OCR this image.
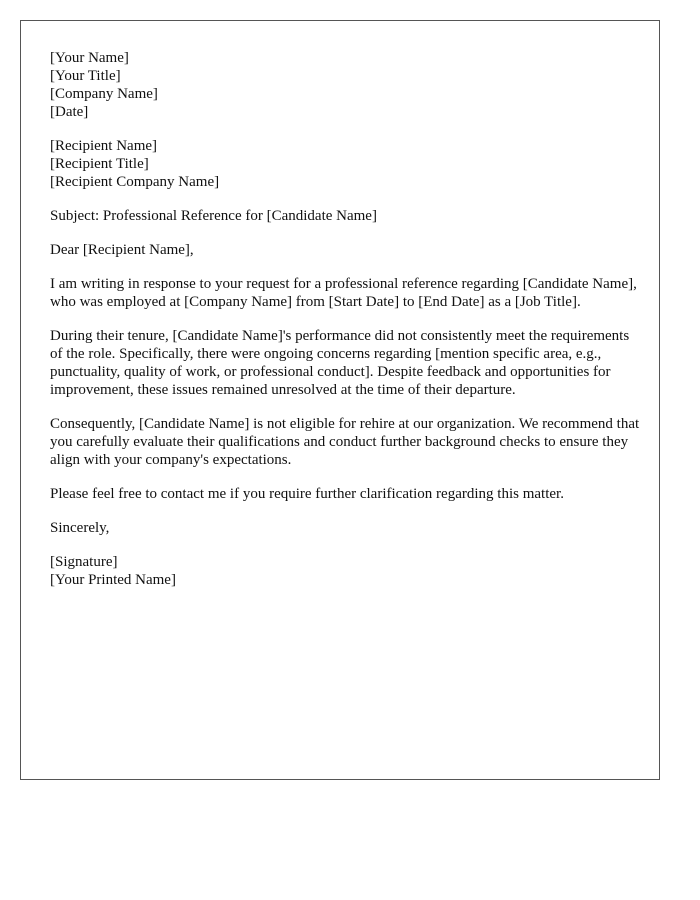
[Your Name]
[Your Title]
[Company Name]
[Date]
[Recipient Name]
[Recipient Title]
[Recipient Company Name]

Subject: Professional Reference for [Candidate Name]

Dear [Recipient Name],

I am writing in response to your request for a professional reference regarding [Candidate Name], who was employed at [Company Name] from [Start Date] to [End Date] as a [Job Title].

During their tenure, [Candidate Name]'s performance did not consistently meet the requirements of the role. Specifically, there were ongoing concerns regarding [mention specific area, e.g., punctuality, quality of work, or professional conduct]. Despite feedback and opportunities for improvement, these issues remained unresolved at the time of their departure.

Consequently, [Candidate Name] is not eligible for rehire at our organization. We recommend that you carefully evaluate their qualifications and conduct further background checks to ensure they align with your company's expectations.

Please feel free to contact me if you require further clarification regarding this matter.

Sincerely,

[Signature]
[Your Printed Name]
